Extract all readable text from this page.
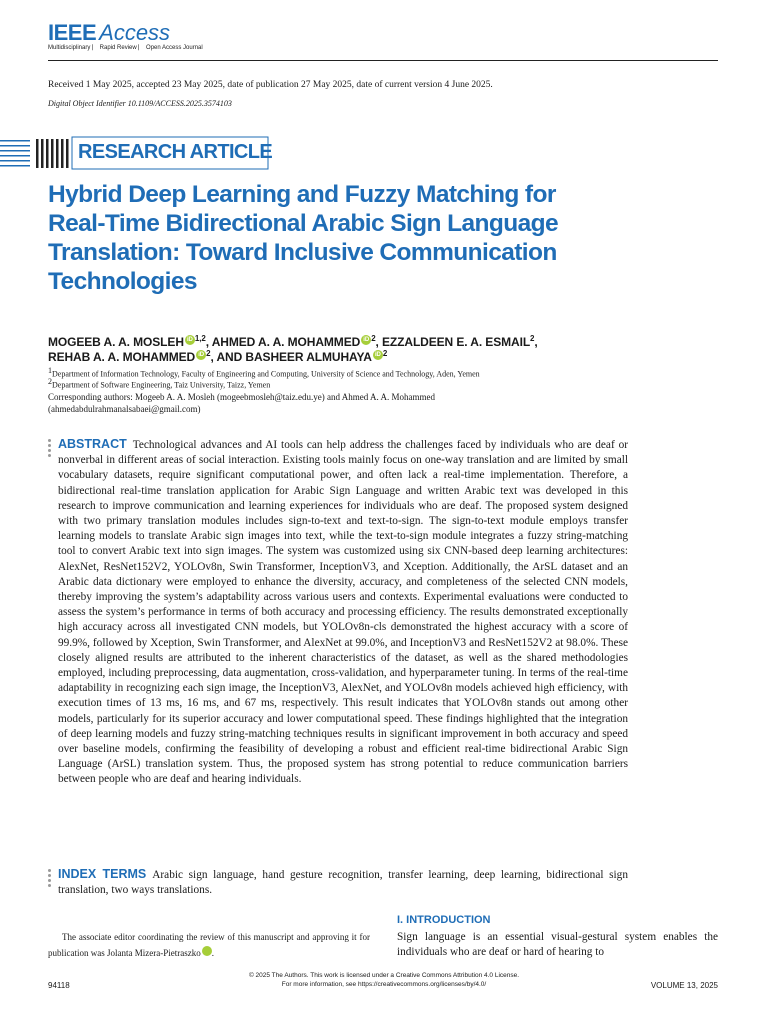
IEEE Access
Multidisciplinary ⎸ Rapid Review ⎸ Open Access Journal
Received 1 May 2025, accepted 23 May 2025, date of publication 27 May 2025, date of current version 4 June 2025.
Digital Object Identifier 10.1109/ACCESS.2025.3574103
RESEARCH ARTICLE
Hybrid Deep Learning and Fuzzy Matching for
Real-Time Bidirectional Arabic Sign Language
Translation: Toward Inclusive Communication
Technologies
MOGEEB A. A. MOSLEH iD $^{1,2}$, AHMED A. A. MOHAMMED iD $^2$, EZZALDEEN E. A. ESMAIL$^2$,
REHAB A. A. MOHAMMED iD $^2$, AND BASHEER ALMUHAYA iD $^2$
$^1$Department of Information Technology, Faculty of Engineering and Computing, University of Science and Technology, Aden, Yemen
$^2$Department of Software Engineering, Taiz University, Taizz, Yemen
Corresponding authors: Mogeeb A. A. Mosleh (mogeebmosleh@taiz.edu.ye) and Ahmed A. A. Mohammed
(ahmedabdulrahmanalsabaei@gmail.com)
ABSTRACT Technological advances and AI tools can help address the challenges faced by individuals who are deaf or nonverbal in different areas of social interaction. Existing tools mainly focus on one-way translation and are limited by small vocabulary datasets, require significant computational power, and often lack a real-time implementation. Therefore, a bidirectional real-time translation application for Arabic Sign Language and written Arabic text was developed in this research to improve communication and learning experiences for individuals who are deaf. The proposed system designed with two primary translation modules includes sign-to-text and text-to-sign. The sign-to-text module employs transfer learning models to translate Arabic sign images into text, while the text-to-sign module integrates a fuzzy string-matching tool to convert Arabic text into sign images. The system was customized using six CNN-based deep learning architectures: AlexNet, ResNet152V2, YOLOv8n, Swin Transformer, InceptionV3, and Xception. Additionally, the ArSL dataset and an Arabic data dictionary were employed to enhance the diversity, accuracy, and completeness of the selected CNN models, thereby improving the system’s adaptability across various users and contexts. Experimental evaluations were conducted to assess the system’s performance in terms of both accuracy and processing efficiency. The results demonstrated exceptionally high accuracy across all investigated CNN models, but YOLOv8n-cls demonstrated the highest accuracy with a score of 99.9%, followed by Xception, Swin Transformer, and AlexNet at 99.0%, and InceptionV3 and ResNet152V2 at 98.0%. These closely aligned results are attributed to the inherent characteristics of the dataset, as well as the shared methodologies employed, including preprocessing, data augmentation, cross-validation, and hyperparameter tuning. In terms of the real-time adaptability in recognizing each sign image, the InceptionV3, AlexNet, and YOLOv8n models achieved high efficiency, with execution times of 13 ms, 16 ms, and 67 ms, respectively. This result indicates that YOLOv8n stands out among other models, particularly for its superior accuracy and lower computational speed. These findings highlighted that the integration of deep learning models and fuzzy string-matching techniques results in significant improvement in both accuracy and speed over baseline models, confirming the feasibility of developing a robust and efficient real-time bidirectional Arabic Sign Language (ArSL) translation system. Thus, the proposed system has strong potential to reduce communication barriers between people who are deaf and hearing individuals.
INDEX TERMS Arabic sign language, hand gesture recognition, transfer learning, deep learning, bidirectional sign translation, two ways translations.
The associate editor coordinating the review of this manuscript and approving it for publication was Jolanta Mizera-Pietraszko	iD.
I. INTRODUCTION
Sign language is an essential visual-gestural system enables the individuals who are deaf or hard of hearing to
© 2025 The Authors. This work is licensed under a Creative Commons Attribution 4.0 License.
For more information, see https://creativecommons.org/licenses/by/4.0/
94118	VOLUME 13, 2025
